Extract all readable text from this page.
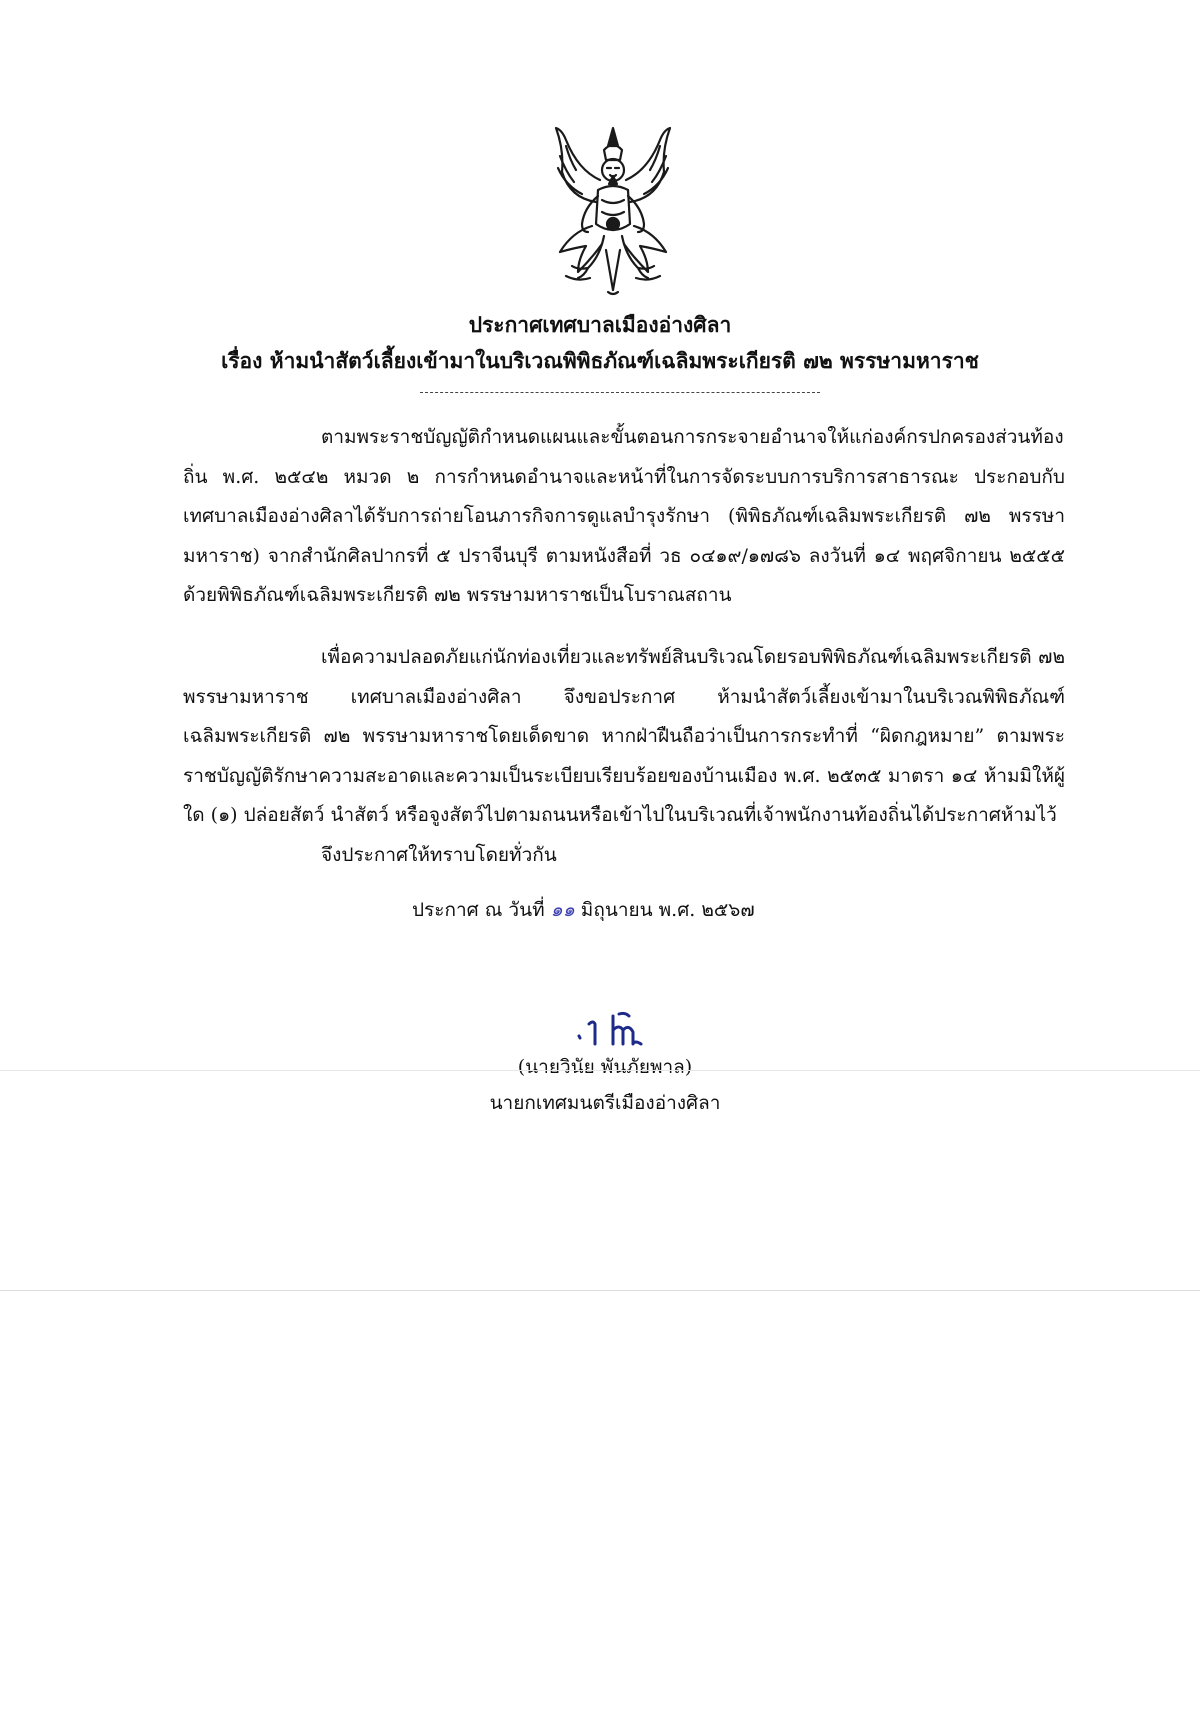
ประกาศเทศบาลเมืองอ่างศิลา
เรื่อง ห้ามนำสัตว์เลี้ยงเข้ามาในบริเวณพิพิธภัณฑ์เฉลิมพระเกียรติ ๗๒ พรรษามหาราช
ตามพระราชบัญญัติกำหนดแผนและขั้นตอนการกระจายอำนาจให้แก่องค์กรปกครองส่วนท้องถิ่น พ.ศ. ๒๕๔๒ หมวด ๒ การกำหนดอำนาจและหน้าที่ในการจัดระบบการบริการสาธารณะ ประกอบกับเทศบาลเมืองอ่างศิลาได้รับการถ่ายโอนภารกิจการดูแลบำรุงรักษา (พิพิธภัณฑ์เฉลิมพระเกียรติ ๗๒ พรรษามหาราช) จากสำนักศิลปากรที่ ๕ ปราจีนบุรี ตามหนังสือที่ วธ ๐๔๑๙/๑๗๘๖ ลงวันที่ ๑๔ พฤศจิกายน ๒๕๕๕ ด้วยพิพิธภัณฑ์เฉลิมพระเกียรติ ๗๒ พรรษามหาราชเป็นโบราณสถาน
เพื่อความปลอดภัยแก่นักท่องเที่ยวและทรัพย์สินบริเวณโดยรอบพิพิธภัณฑ์เฉลิมพระเกียรติ ๗๒ พรรษามหาราช เทศบาลเมืองอ่างศิลา จึงขอประกาศ ห้ามนำสัตว์เลี้ยงเข้ามาในบริเวณพิพิธภัณฑ์เฉลิมพระเกียรติ ๗๒ พรรษามหาราชโดยเด็ดขาด หากฝ่าฝืนถือว่าเป็นการกระทำที่ “ผิดกฎหมาย” ตามพระราชบัญญัติรักษาความสะอาดและความเป็นระเบียบเรียบร้อยของบ้านเมือง พ.ศ. ๒๕๓๕ มาตรา ๑๔ ห้ามมิให้ผู้ใด (๑) ปล่อยสัตว์ นำสัตว์ หรือจูงสัตว์ไปตามถนนหรือเข้าไปในบริเวณที่เจ้าพนักงานท้องถิ่นได้ประกาศห้ามไว้
จึงประกาศให้ทราบโดยทั่วกัน
ประกาศ ณ วันที่ ๑๑ มิถุนายน พ.ศ. ๒๕๖๗
(นายวินัย พันภัยพาล)
นายกเทศมนตรีเมืองอ่างศิลา
